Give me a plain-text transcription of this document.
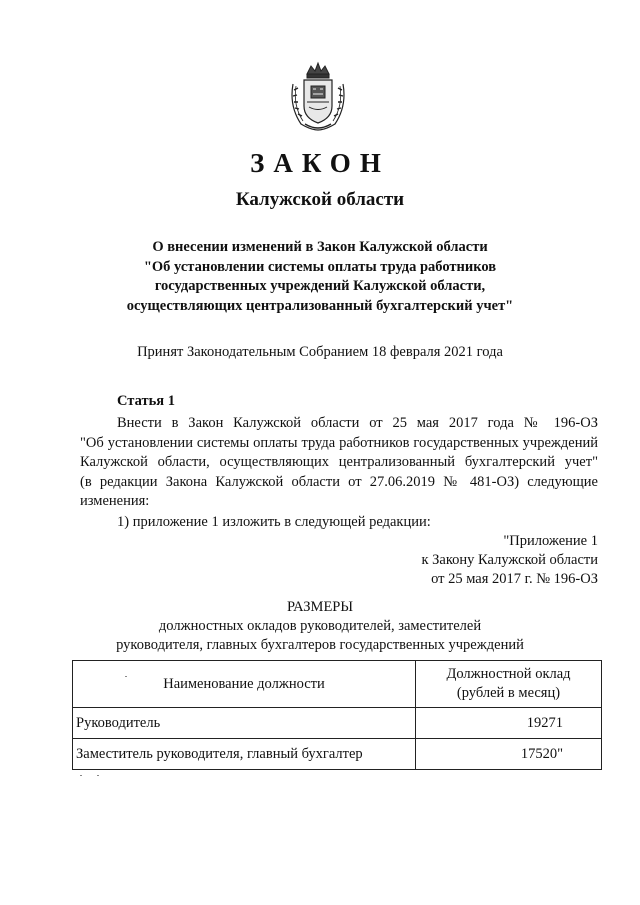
ЗАКОН
Калужской области
О внесении изменений в Закон Калужской области
"Об установлении системы оплаты труда работников
государственных учреждений Калужской области,
осуществляющих централизованный бухгалтерский учет"
Принят Законодательным Собранием 18 февраля 2021 года
Статья 1
Внести в Закон Калужской области от 25 мая 2017 года № 196-ОЗ
"Об установлении системы оплаты труда работников государственных учреждений
Калужской области, осуществляющих централизованный бухгалтерский учет"
(в редакции Закона Калужской области от 27.06.2019 № 481-ОЗ) следующие
изменения:
1) приложение 1 изложить в следующей редакции:
"Приложение 1
к Закону Калужской области
от 25 мая 2017 г. № 196-ОЗ
РАЗМЕРЫ
должностных окладов руководителей, заместителей
руководителя, главных бухгалтеров государственных учреждений
Наименование должности	Должностной оклад
(рублей в месяц)

Руководитель	19271
Заместитель руководителя, главный бухгалтер	17520"
